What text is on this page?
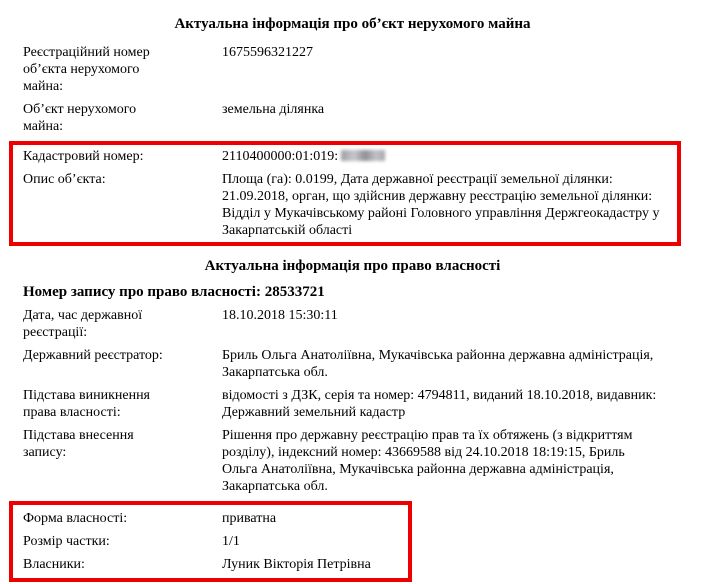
Актуальна інформація про об’єкт нерухомого майна
Реєстраційний номер об’єкта нерухомого майна:
1675596321227
Об’єкт нерухомого майна:
земельна ділянка
Кадастровий номер:	2110400000:01:019:
Опис об’єкта:	Площа (га): 0.0199, Дата державної реєстрації земельної ділянки: 21.09.2018, орган, що здійснив державну реєстрацію земельної ділянки: Відділ у Мукачівському районі Головного управління Держгеокадастру у Закарпатській області
Актуальна інформація про право власності
Номер запису про право власності: 28533721
Дата, час державної реєстрації:
18.10.2018 15:30:11
Державний реєстратор:	Бриль Ольга Анатоліївна, Мукачівська районна державна адміністрація, Закарпатська обл.
Підстава виникнення права власності:
відомості з ДЗК, серія та номер: 4794811, виданий 18.10.2018, видавник: Державний земельний кадастр
Підстава внесення запису:
Рішення про державну реєстрацію прав та їх обтяжень (з відкриттям розділу), індексний номер: 43669588 від 24.10.2018 18:19:15, Бриль Ольга Анатоліївна, Мукачівська районна державна адміністрація, Закарпатська обл.
Форма власності:	приватна
Розмір частки:	1/1
Власники:	Луник Вікторія Петрівна
